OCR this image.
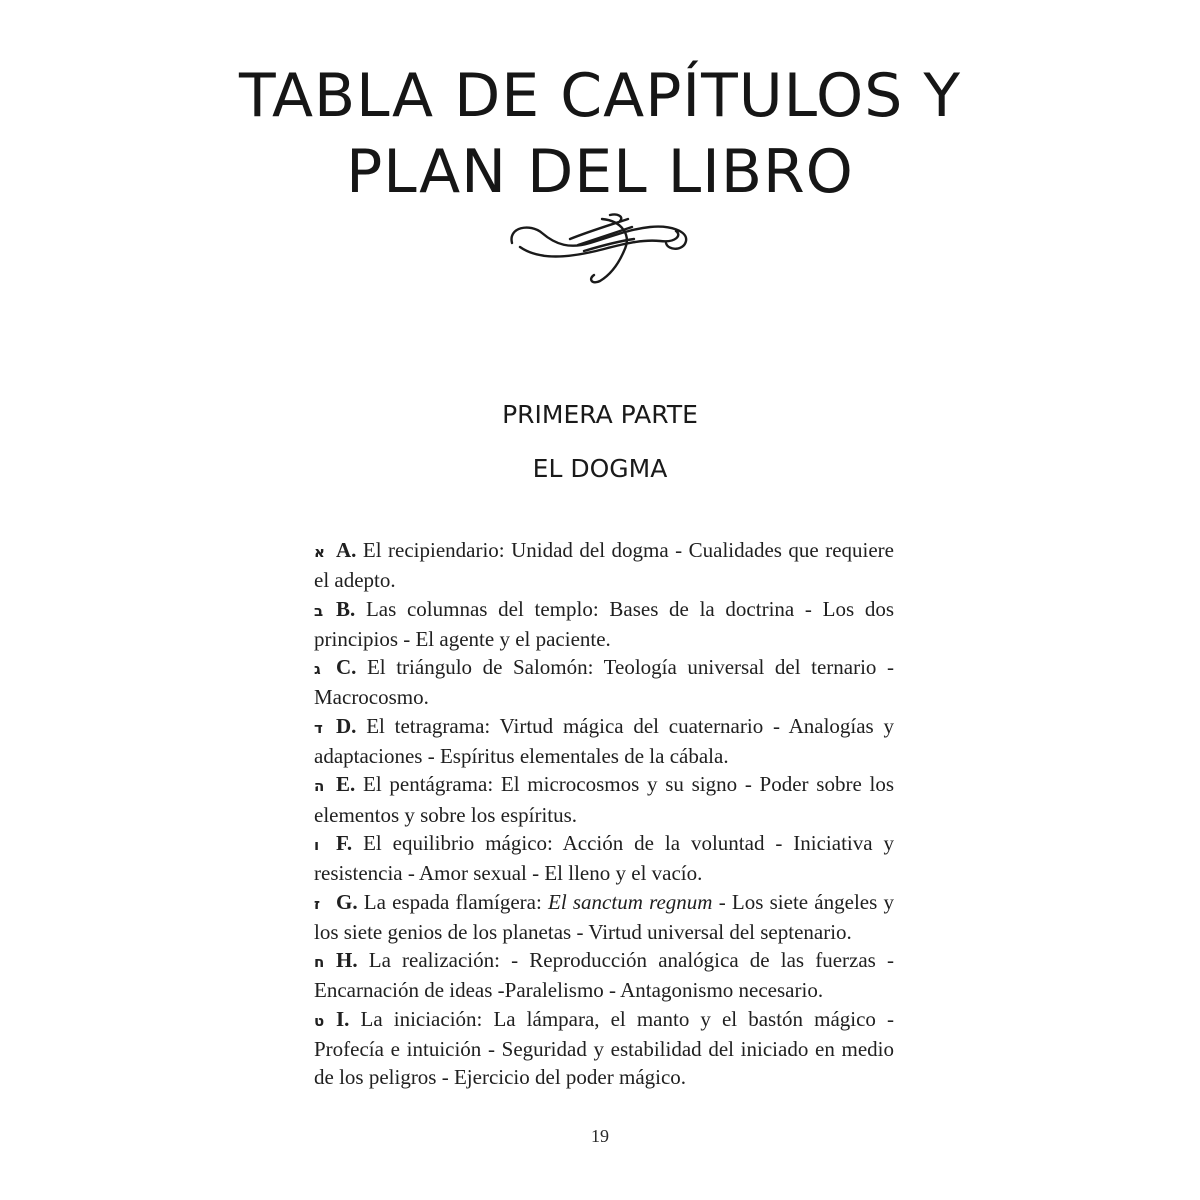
TABLA DE CAPÍTULOS Y
PLAN DEL LIBRO
PRIMERA PARTE
EL DOGMA

א A. El recipiendario: Unidad del dogma - Cualidades que requiere el adepto.

ב B. Las columnas del templo: Bases de la doctrina - Los dos principios - El agente y el paciente.

ג C. El triángulo de Salomón: Teología universal del ternario - Macrocosmo.

ד D. El tetragrama: Virtud mágica del cuaternario - Analogías y adaptaciones - Espíritus elementales de la cábala.

ה E. El pentágrama: El microcosmos y su signo - Poder sobre los elementos y sobre los espíritus.

ו F. El equilibrio mágico: Acción de la voluntad - Iniciativa y resistencia - Amor sexual - El lleno y el vacío.

ז G. La espada flamígera: El sanctum regnum - Los siete ángeles y los siete genios de los planetas - Virtud universal del septenario.

ח H. La realización: - Reproducción analógica de las fuerzas - Encarnación de ideas -Paralelismo - Antagonismo necesario.

ט I. La iniciación: La lámpara, el manto y el bastón mágico - Profecía e intuición - Seguridad y estabilidad del iniciado en medio de los peligros - Ejercicio del poder mágico.

19
